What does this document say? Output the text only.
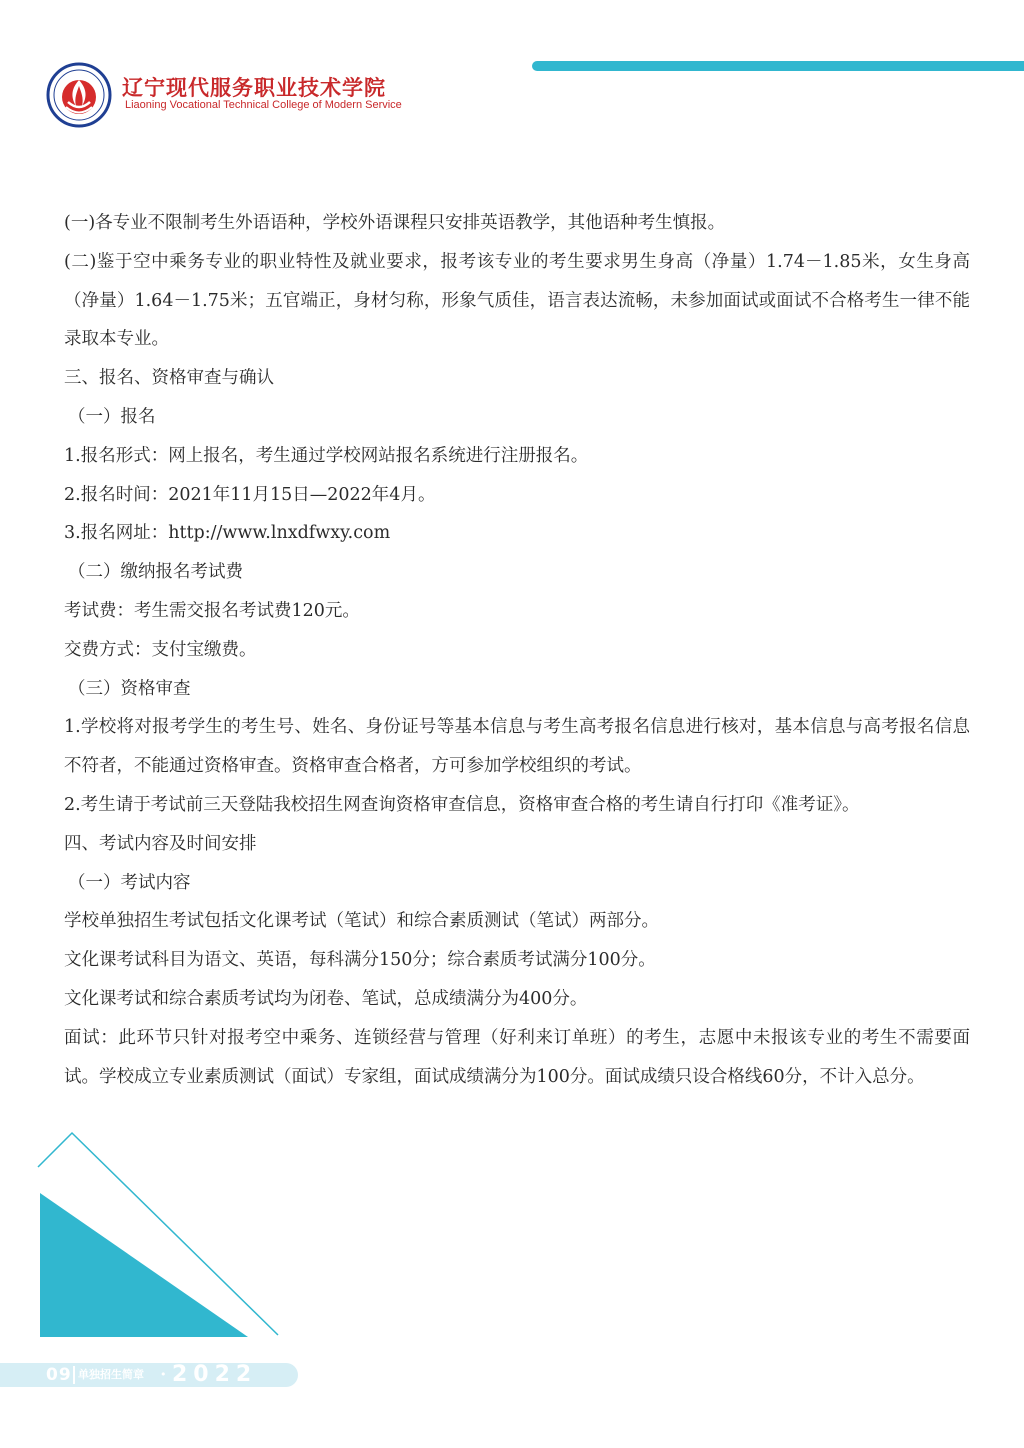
辽宁现代服务职业技术学院
Liaoning Vocational Technical College of Modern Service

(一)各专业不限制考生外语语种，学校外语课程只安排英语教学，其他语种考生慎报。

(二)鉴于空中乘务专业的职业特性及就业要求，报考该专业的考生要求男生身高（净量）1.74－1.85米，女生身高（净量）1.64－1.75米；五官端正，身材匀称，形象气质佳，语言表达流畅，未参加面试或面试不合格考生一律不能录取本专业。

三、报名、资格审查与确认

（一）报名

1.报名形式：网上报名，考生通过学校网站报名系统进行注册报名。

2.报名时间：2021年11月15日—2022年4月。

3.报名网址：http://www.lnxdfwxy.com

（二）缴纳报名考试费

考试费：考生需交报名考试费120元。

交费方式：支付宝缴费。

（三）资格审查

1.学校将对报考学生的考生号、姓名、身份证号等基本信息与考生高考报名信息进行核对，基本信息与高考报名信息不符者，不能通过资格审查。资格审查合格者，方可参加学校组织的考试。

2.考生请于考试前三天登陆我校招生网查询资格审查信息，资格审查合格的考生请自行打印《准考证》。

四、考试内容及时间安排

（一）考试内容

学校单独招生考试包括文化课考试（笔试）和综合素质测试（笔试）两部分。

文化课考试科目为语文、英语，每科满分150分；综合素质考试满分100分。

文化课考试和综合素质考试均为闭卷、笔试，总成绩满分为400分。

面试：此环节只针对报考空中乘务、连锁经营与管理（好利来订单班）的考生，志愿中未报该专业的考生不需要面试。学校成立专业素质测试（面试）专家组，面试成绩满分为100分。面试成绩只设合格线60分，不计入总分。

09 单独招生简章 • 2022
